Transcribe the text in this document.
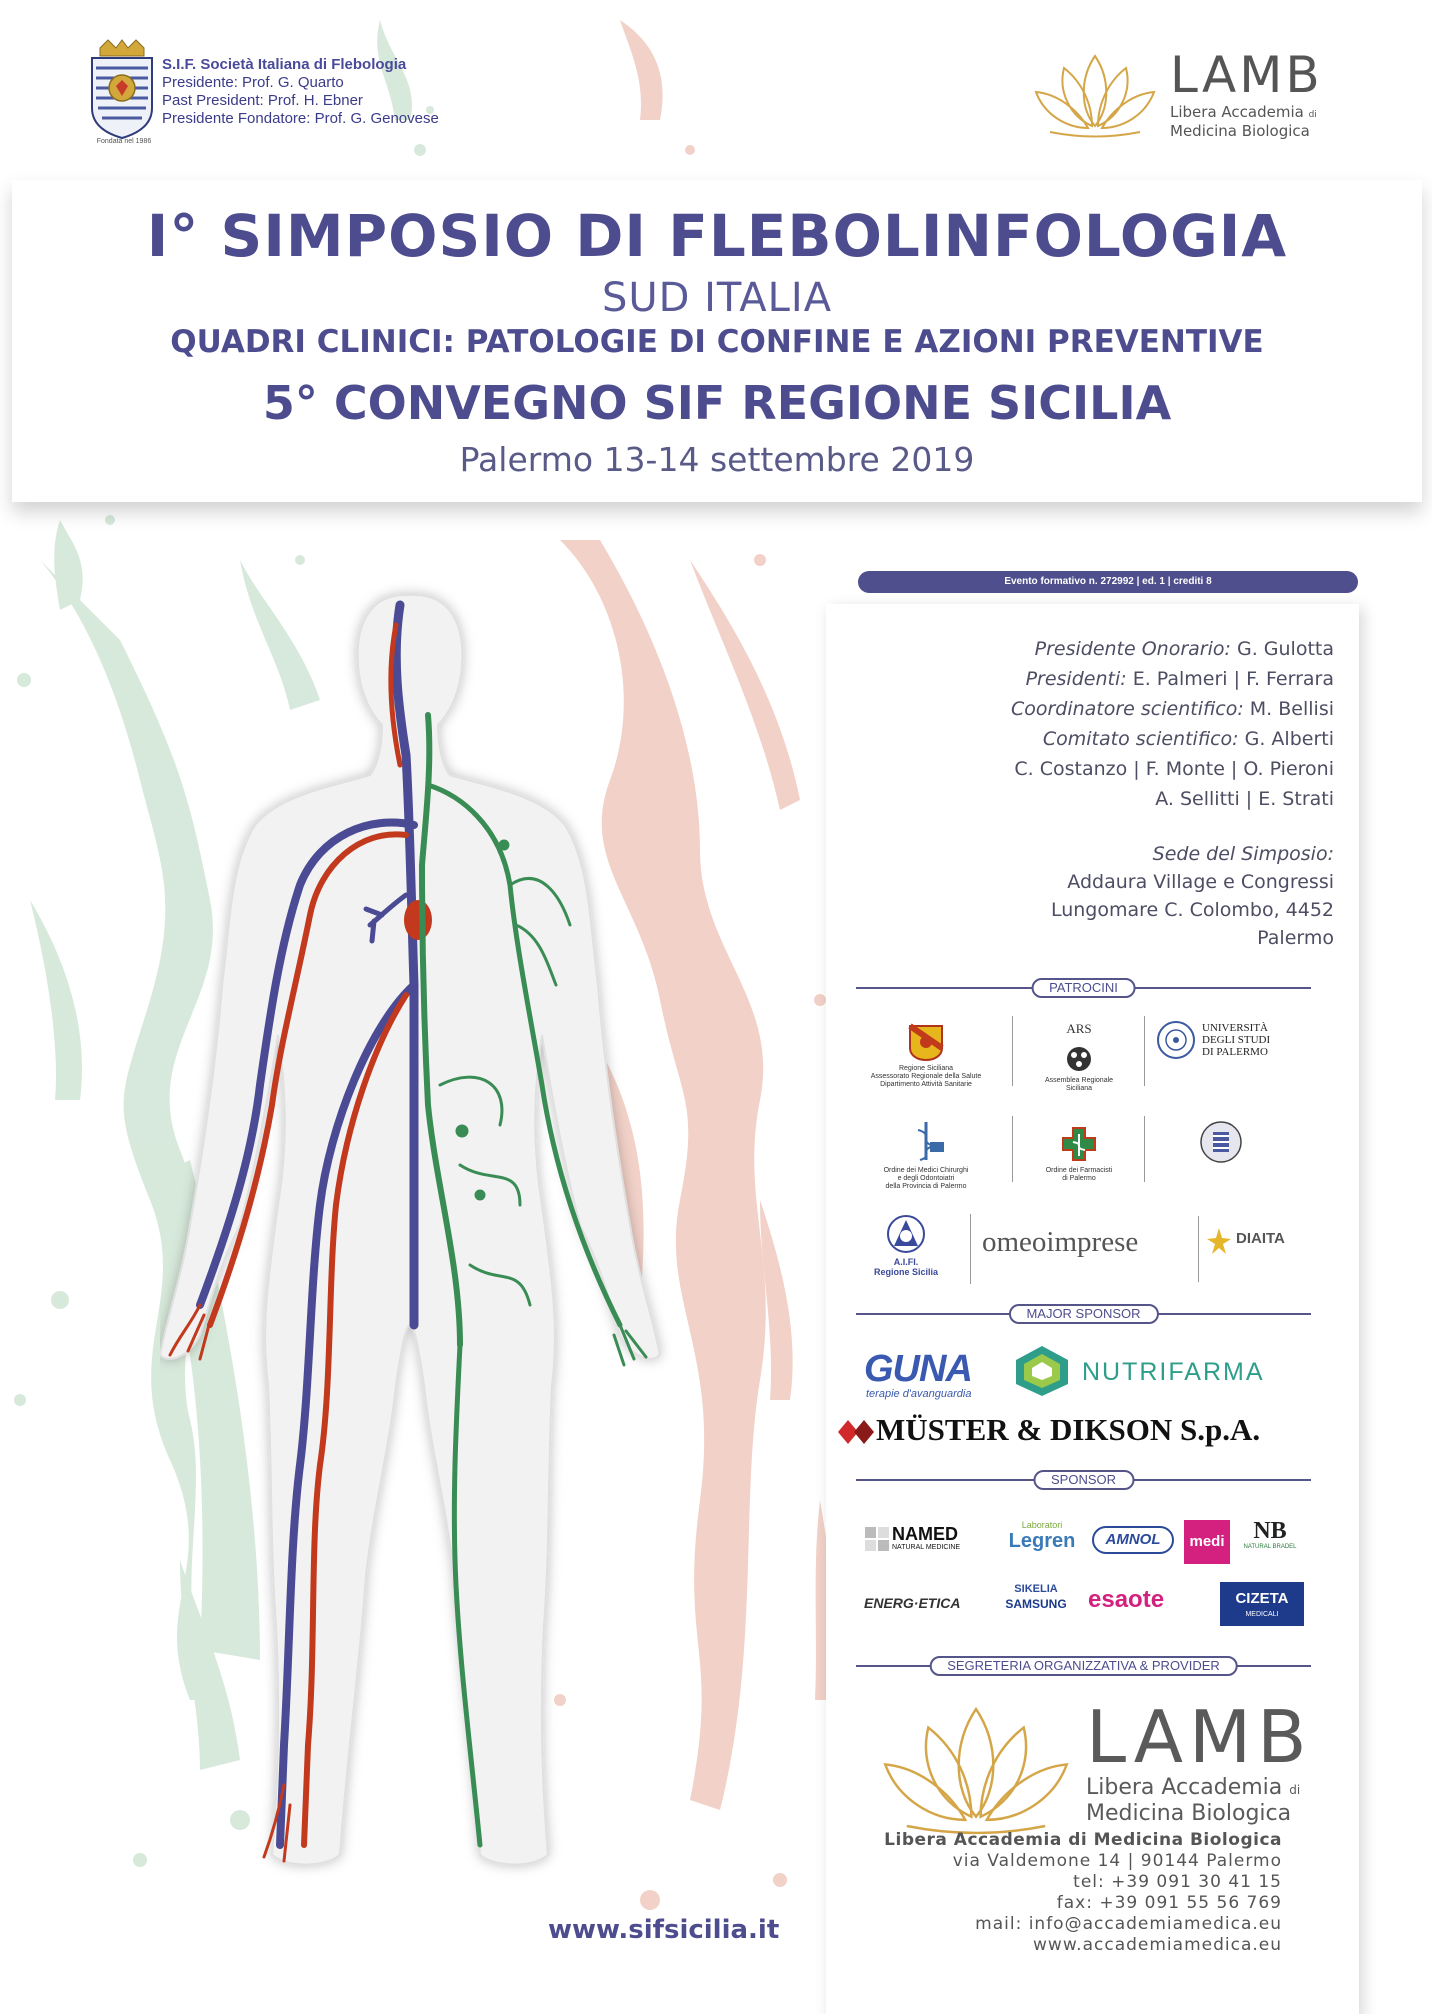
Fondata nel 1986
S.I.F. Società Italiana di Flebologia
Presidente: Prof. G. Quarto
Past President: Prof. H. Ebner
Presidente Fondatore: Prof. G. Genovese
LAMB
Libera Accademia di
Medicina Biologica
I° SIMPOSIO DI FLEBOLINFOLOGIA
SUD ITALIA
QUADRI CLINICI: PATOLOGIE DI CONFINE E AZIONI PREVENTIVE
5° CONVEGNO SIF REGIONE SICILIA
Palermo 13-14 settembre 2019
www.sifsicilia.it
Evento formativo n. 272992 | ed. 1 | crediti 8
Presidente Onorario: G. Gulotta
Presidenti: E. Palmeri | F. Ferrara
Coordinatore scientifico: M. Bellisi
Comitato scientifico: G. Alberti
C. Costanzo | F. Monte | O. Pieroni
A. Sellitti | E. Strati
Sede del Simposio:
Addaura Village e Congressi
Lungomare C. Colombo, 4452
Palermo
PATROCINI

Regione Siciliana
Assessorato Regionale della Salute
Dipartimento Attività Sanitarie

ARS

Assemblea Regionale
Siciliana

UNIVERSITÀ
DEGLI STUDI
DI PALERMO

Ordine dei Medici Chirurghi
e degli Odontoiatri
della Provincia di Palermo

Ordine dei Farmacisti
di Palermo

A.I.FI.
Regione Sicilia
omeoimprese	DIAITA
MAJOR SPONSOR
GUNA
terapie d'avanguardia
NUTRIFARMA
MÜSTER & DIKSON S.p.A.
SPONSOR
NAMED
NATURAL MEDICINE
Laboratori
Legren	AMNOL	medi	NB
NATURAL BRADEL
ENERG·ETICA
SIKELIA
SAMSUNG esaote	CIZETA
MEDICALI
SEGRETERIA ORGANIZZATIVA & PROVIDER
LAMB
Libera Accademia di
Medicina Biologica
Libera Accademia di Medicina Biologica
via Valdemone 14 | 90144 Palermo
tel: +39 091 30 41 15
fax: +39 091 55 56 769
mail: info@accademiamedica.eu
www.accademiamedica.eu
